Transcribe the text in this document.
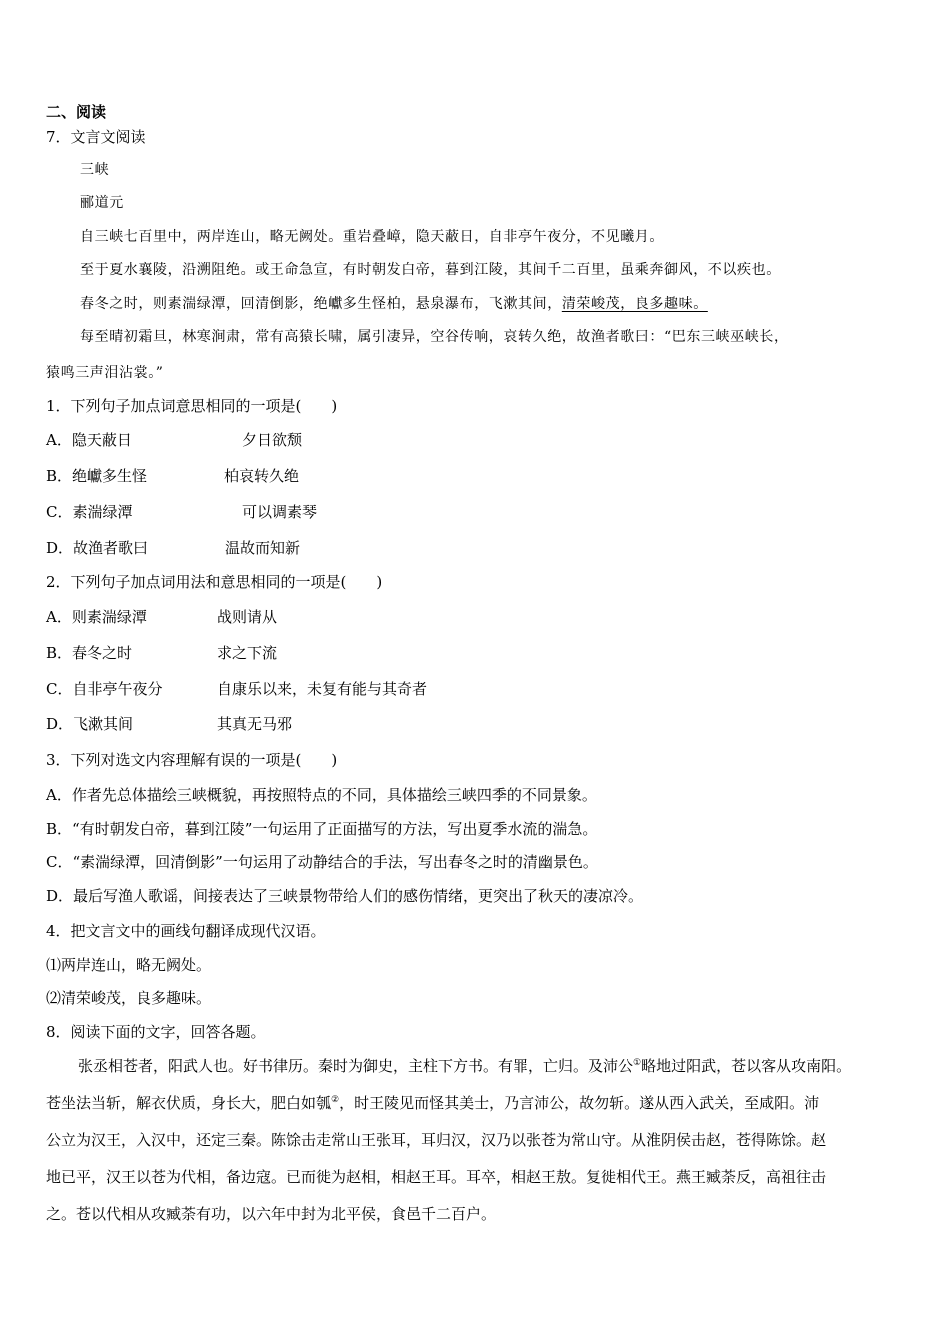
二、阅读
7．文言文阅读
三峡
郦道元
自三峡七百里中，两岸连山，略无阙处。重岩叠嶂，隐天蔽日，自非亭午夜分，不见曦月。
至于夏水襄陵，沿溯阻绝。或王命急宣，有时朝发白帝，暮到江陵，其间千二百里，虽乘奔御风，不以疾也。
春冬之时，则素湍绿潭，回清倒影，绝巘多生怪柏，悬泉瀑布，飞漱其间，清荣峻茂，良多趣味。
每至晴初霜旦，林寒涧肃，常有高猿长啸，属引凄异，空谷传响，哀转久绝，故渔者歌曰：“巴东三峡巫峡长，
猿鸣三声泪沾裳。”
1．下列句子加点词意思相同的一项是(　　)
A．隐天蔽日	夕日欲颓
B．绝巘多生怪	柏哀转久绝
C．素湍绿潭	可以调素琴
D．故渔者歌曰	温故而知新
2．下列句子加点词用法和意思相同的一项是(　　)
A．则素湍绿潭	战则请从
B．春冬之时	求之下流
C．自非亭午夜分	自康乐以来，未复有能与其奇者
D．飞漱其间	其真无马邪
3．下列对选文内容理解有误的一项是(　　)
A．作者先总体描绘三峡概貌，再按照特点的不同，具体描绘三峡四季的不同景象。
B．“有时朝发白帝，暮到江陵”一句运用了正面描写的方法，写出夏季水流的湍急。
C．“素湍绿潭，回清倒影”一句运用了动静结合的手法，写出春冬之时的清幽景色。
D．最后写渔人歌谣，间接表达了三峡景物带给人们的感伤情绪，更突出了秋天的凄凉冷。
4．把文言文中的画线句翻译成现代汉语。
⑴两岸连山，略无阙处。
⑵清荣峻茂，良多趣味。
8．阅读下面的文字，回答各题。
张丞相苍者，阳武人也。好书律历。秦时为御史，主柱下方书。有罪，亡归。及沛公①略地过阳武，苍以客从攻南阳。
苍坐法当斩，解衣伏质，身长大，肥白如瓠②，时王陵见而怪其美士，乃言沛公，故勿斩。遂从西入武关，至咸阳。沛
公立为汉王，入汉中，还定三秦。陈馀击走常山王张耳，耳归汉，汉乃以张苍为常山守。从淮阴侯击赵，苍得陈馀。赵
地已平，汉王以苍为代相，备边寇。已而徙为赵相，相赵王耳。耳卒，相赵王敖。复徙相代王。燕王臧荼反，高祖往击
之。苍以代相从攻臧荼有功，以六年中封为北平侯，食邑千二百户。
